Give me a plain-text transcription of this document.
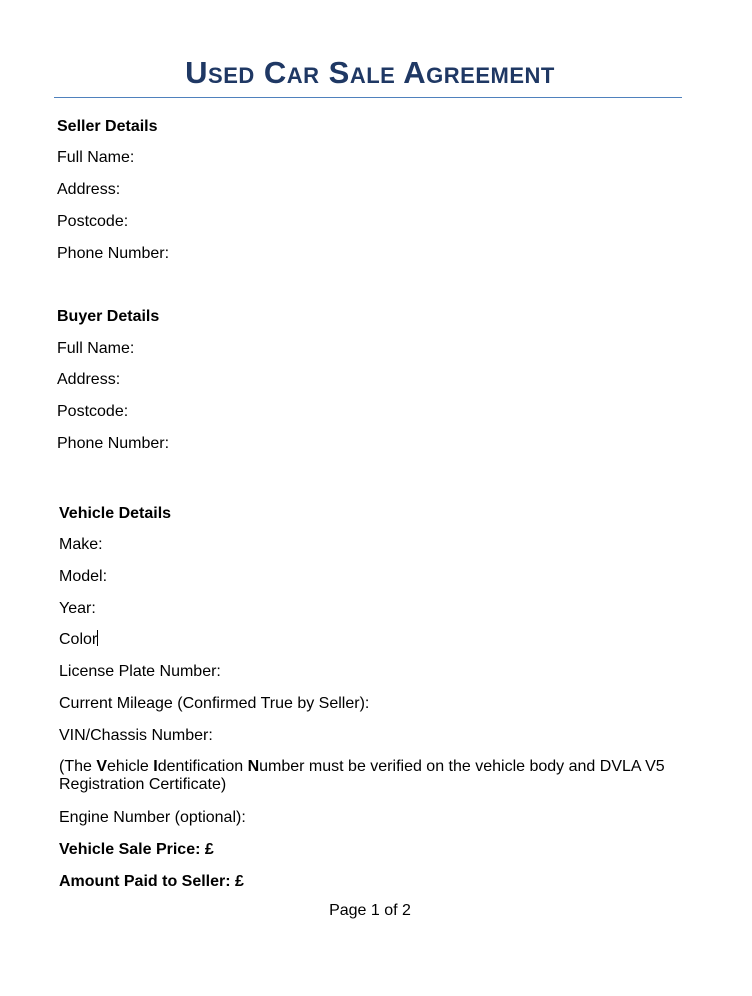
Used Car Sale Agreement
Seller Details
Full Name:
Address:
Postcode:
Phone Number:
Buyer Details
Full Name:
Address:
Postcode:
Phone Number:
Vehicle Details
Make:
Model:
Year:
Color
License Plate Number:
Current Mileage (Confirmed True by Seller):
VIN/Chassis Number:
(The Vehicle Identification Number must be verified on the vehicle body and DVLA V5 Registration Certificate)
Engine Number (optional):
Vehicle Sale Price: £
Amount Paid to Seller: £
Page 1 of 2
